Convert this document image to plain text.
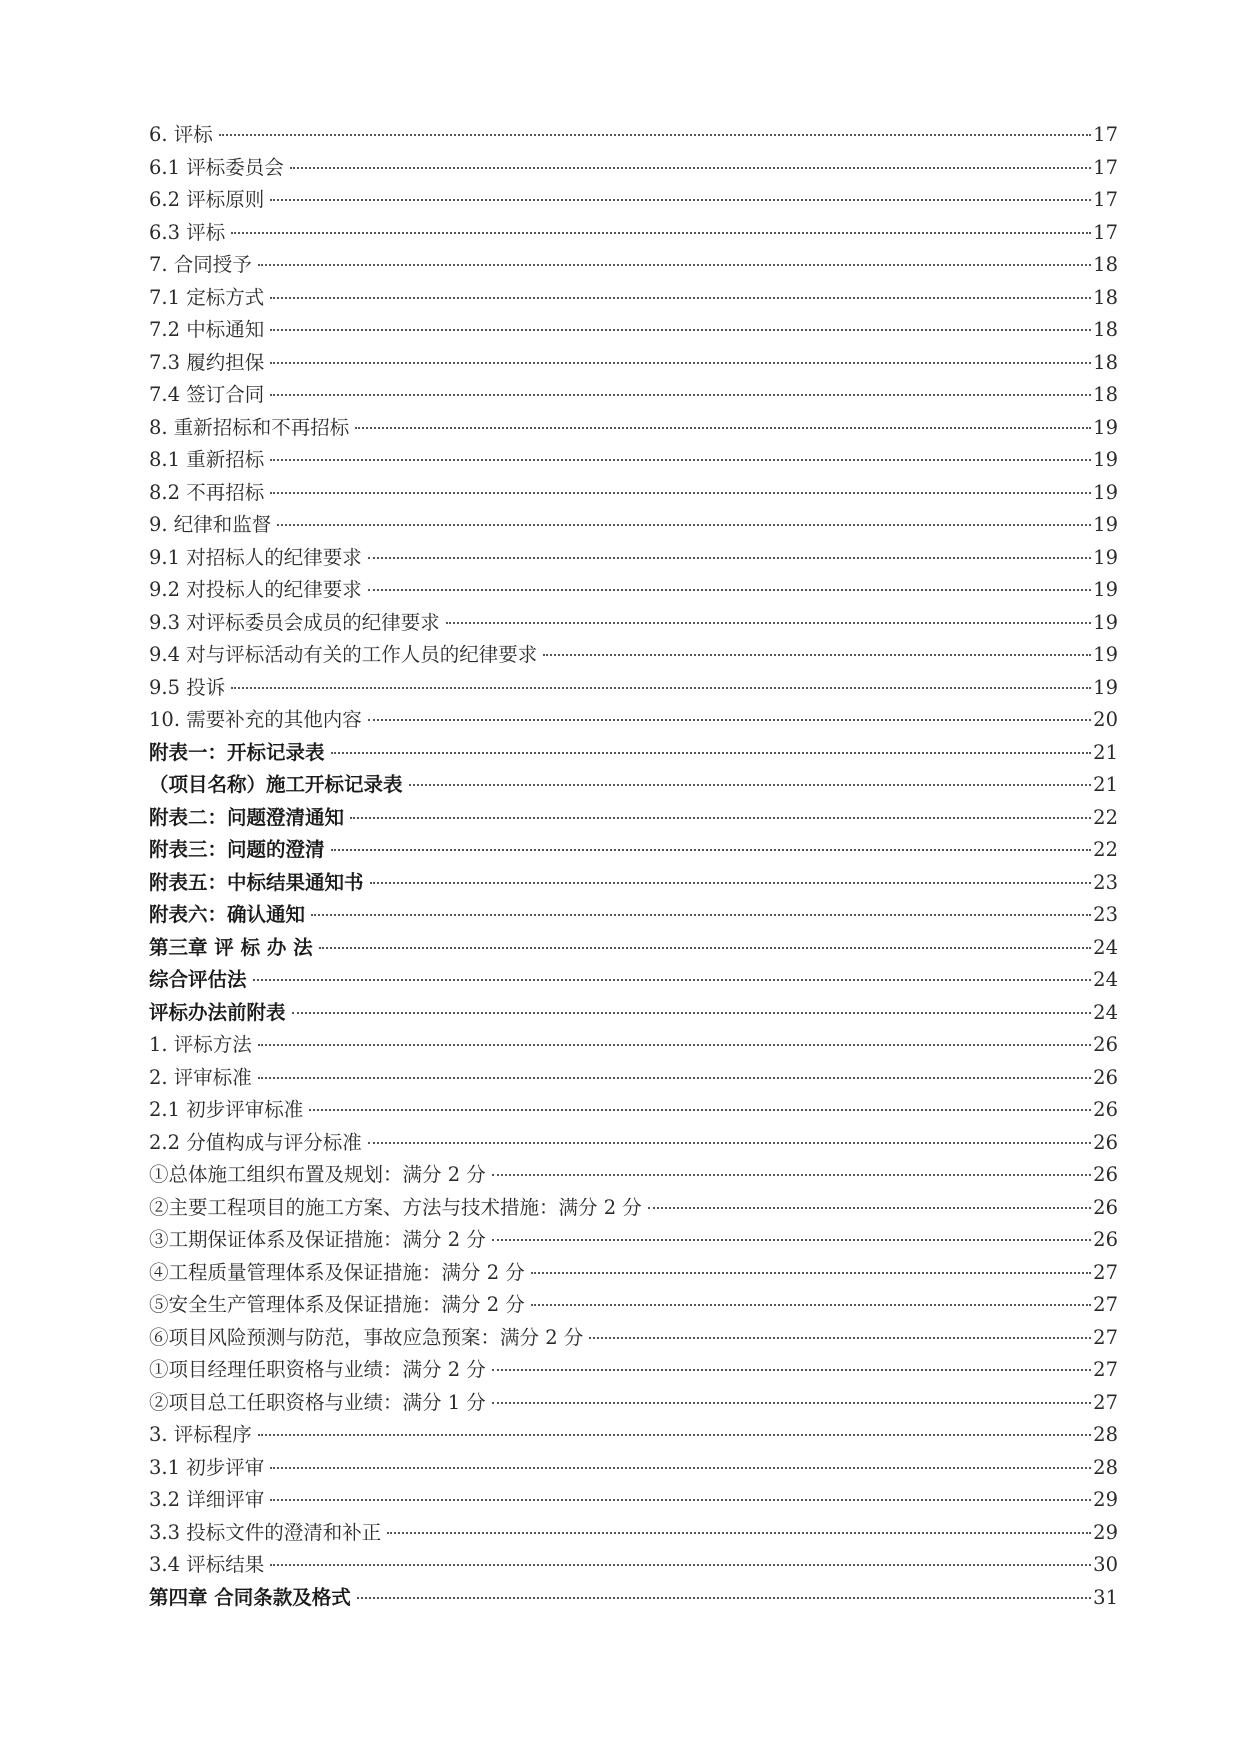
6. 评标	17
6.1 评标委员会	17
6.2 评标原则	17
6.3 评标	17
7. 合同授予	18
7.1 定标方式	18
7.2 中标通知	18
7.3 履约担保	18
7.4 签订合同	18
8. 重新招标和不再招标	19
8.1 重新招标	19
8.2 不再招标	19
9. 纪律和监督	19
9.1 对招标人的纪律要求	19
9.2 对投标人的纪律要求	19
9.3 对评标委员会成员的纪律要求	19
9.4 对与评标活动有关的工作人员的纪律要求	19
9.5 投诉	19
10. 需要补充的其他内容	20
附表一：开标记录表	21
（项目名称）施工开标记录表	21
附表二：问题澄清通知	22
附表三：问题的澄清	22
附表五：中标结果通知书	23
附表六：确认通知	23
第三章 评 标 办 法	24
综合评估法	24
评标办法前附表	24
1. 评标方法	26
2. 评审标准	26
2.1 初步评审标准	26
2.2 分值构成与评分标准	26
①总体施工组织布置及规划：满分 2 分	26
②主要工程项目的施工方案、方法与技术措施：满分 2 分	26
③工期保证体系及保证措施：满分 2 分	26
④工程质量管理体系及保证措施：满分 2 分	27
⑤安全生产管理体系及保证措施：满分 2 分	27
⑥项目风险预测与防范，事故应急预案：满分 2 分	27
①项目经理任职资格与业绩：满分 2 分	27
②项目总工任职资格与业绩：满分 1 分	27
3. 评标程序	28
3.1 初步评审	28
3.2 详细评审	29
3.3 投标文件的澄清和补正	29
3.4 评标结果	30
第四章 合同条款及格式	31
